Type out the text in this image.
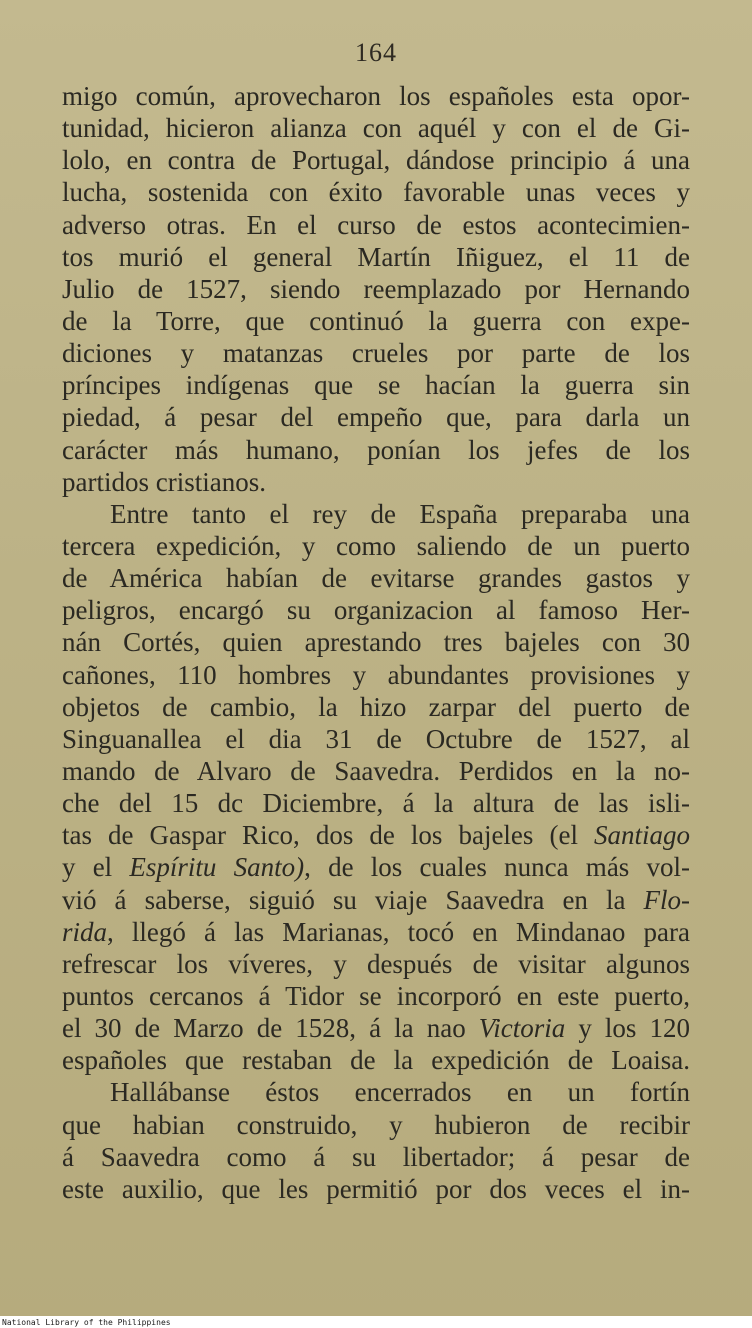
164
migo común, aprovecharon los españoles esta opor-
tunidad, hicieron alianza con aquél y con el de Gi-
lolo, en contra de Portugal, dándose principio á una
lucha, sostenida con éxito favorable unas veces y
adverso otras. En el curso de estos acontecimien-
tos murió el general Martín Iñiguez, el 11 de
Julio de 1527, siendo reemplazado por Hernando
de la Torre, que continuó la guerra con expe-
diciones y matanzas crueles por parte de los
príncipes indígenas que se hacían la guerra sin
piedad, á pesar del empeño que, para darla un
carácter más humano, ponían los jefes de los
partidos cristianos.
Entre tanto el rey de España preparaba una
tercera expedición, y como saliendo de un puerto
de América habían de evitarse grandes gastos y
peligros, encargó su organizacion al famoso Her-
nán Cortés, quien aprestando tres bajeles con 30
cañones, 110 hombres y abundantes provisiones y
objetos de cambio, la hizo zarpar del puerto de
Singuanallea el dia 31 de Octubre de 1527, al
mando de Alvaro de Saavedra. Perdidos en la no-
che del 15 dc Diciembre, á la altura de las isli-
tas de Gaspar Rico, dos de los bajeles (el Santiago
y el Espíritu Santo), de los cuales nunca más vol-
vió á saberse, siguió su viaje Saavedra en la Flo-
rida, llegó á las Marianas, tocó en Mindanao para
refrescar los víveres, y después de visitar algunos
puntos cercanos á Tidor se incorporó en este puerto,
el 30 de Marzo de 1528, á la nao Victoria y los 120
españoles que restaban de la expedición de Loaisa.
Hallábanse éstos encerrados en un fortín
que habian construido, y hubieron de recibir
á Saavedra como á su libertador; á pesar de
este auxilio, que les permitió por dos veces el in-
National Library of the Philippines
